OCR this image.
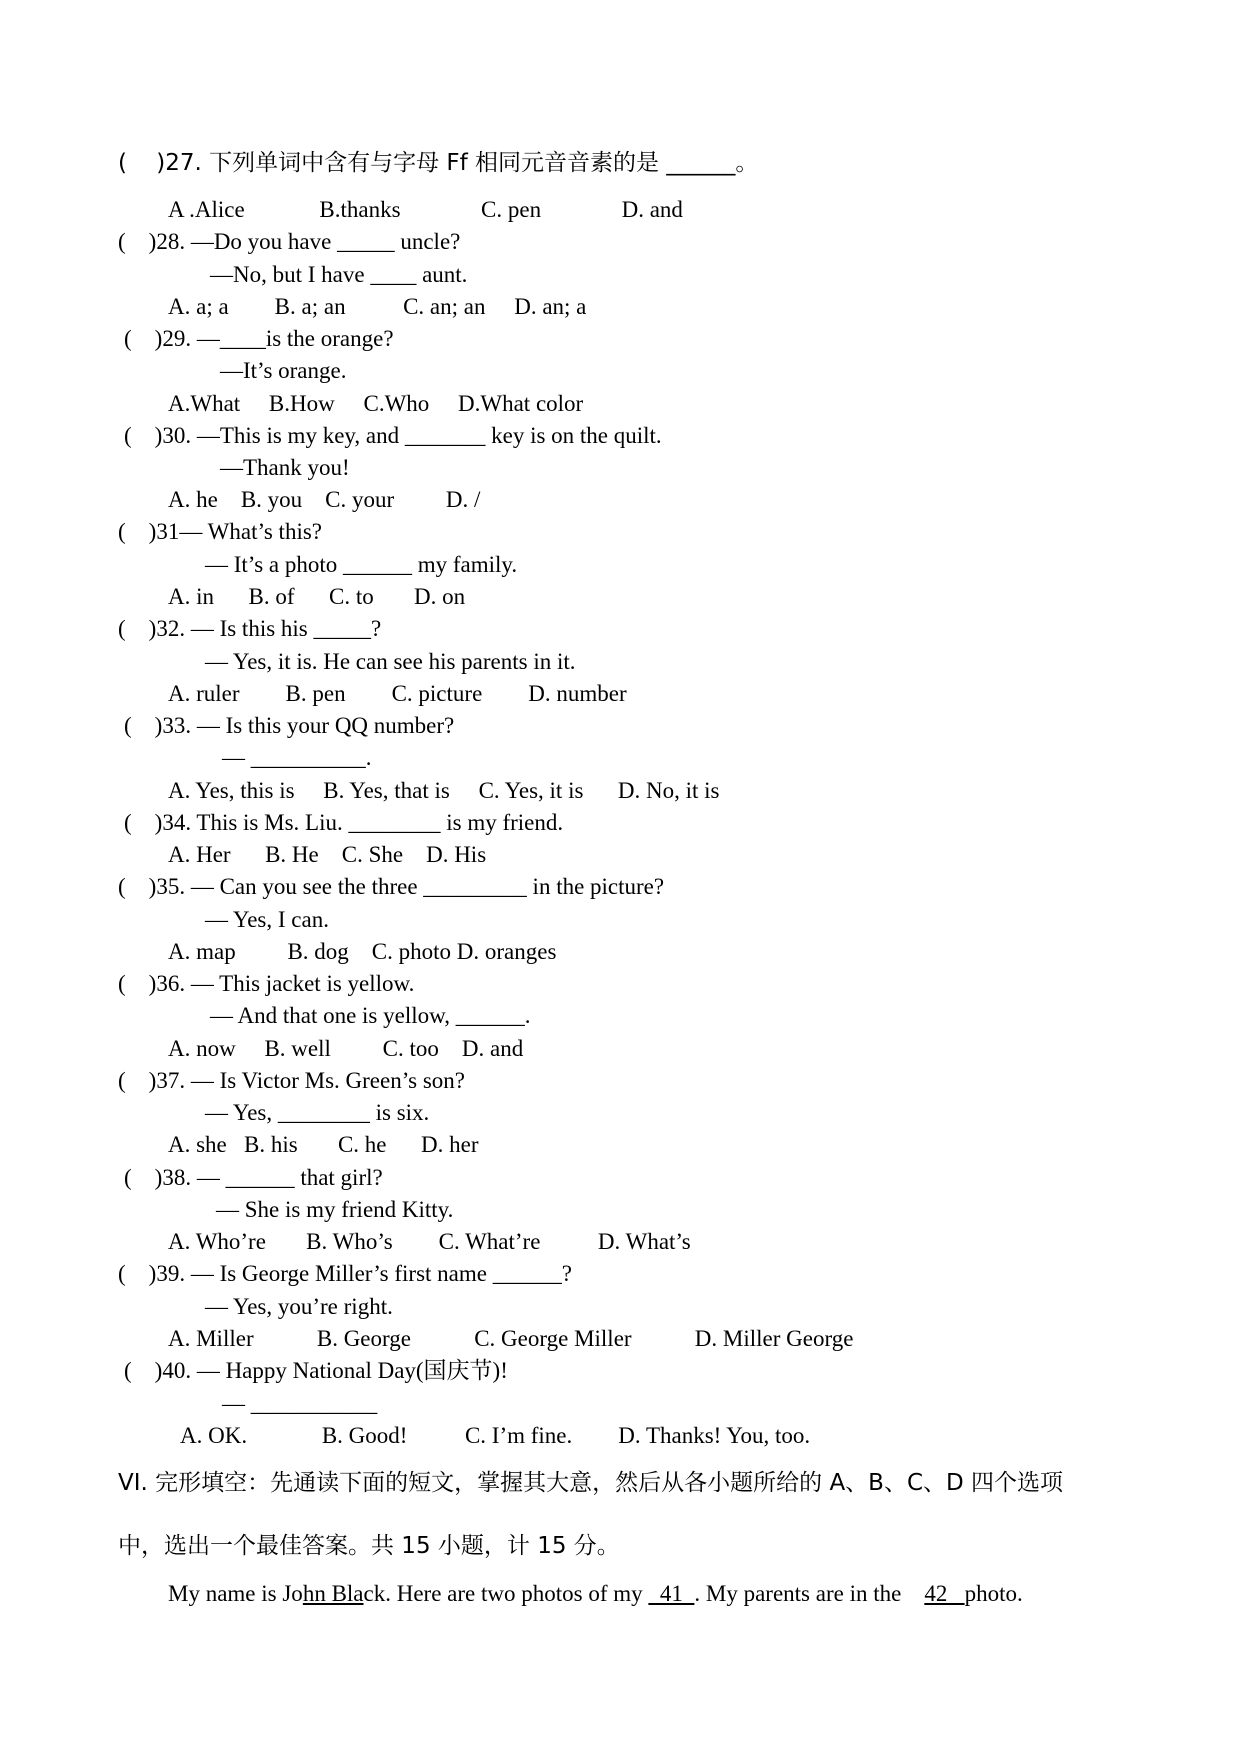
(    )27. 下列单词中含有与字母 Ff 相同元音音素的是 ______。
A .Alice             B.thanks              C. pen              D. and
(    )28. —Do you have _____ uncle?
—No, but I have ____ aunt.
A. a; a        B. a; an          C. an; an     D. an; a
(    )29. —____is the orange?
—It’s orange.
A.What     B.How     C.Who     D.What color
(    )30. —This is my key, and _______ key is on the quilt.
—Thank you!
A. he    B. you    C. your         D. /
(    )31— What’s this?
— It’s a photo ______ my family.
A. in      B. of      C. to       D. on
(    )32. — Is this his _____?
— Yes, it is. He can see his parents in it.
A. ruler        B. pen        C. picture        D. number
(    )33. — Is this your QQ number?
— __________.
A. Yes, this is     B. Yes, that is     C. Yes, it is      D. No, it is
(    )34. This is Ms. Liu. ________ is my friend.
A. Her      B. He    C. She    D. His
(    )35. — Can you see the three _________ in the picture?
— Yes, I can.
A. map         B. dog    C. photo D. oranges
(    )36. — This jacket is yellow.
— And that one is yellow, ______.
A. now     B. well         C. too    D. and
(    )37. — Is Victor Ms. Green’s son?
— Yes, ________ is six.
A. she   B. his       C. he      D. her
(    )38. — ______ that girl?
— She is my friend Kitty.
A. Who’re       B. Who’s        C. What’re          D. What’s
(    )39. — Is George Miller’s first name ______?
— Yes, you’re right.
A. Miller           B. George           C. George Miller           D. Miller George
(    )40. — Happy National Day(国庆节)!
— ___________
A. OK.             B. Good!          C. I’m fine.        D. Thanks! You, too.
VI. 完形填空：先通读下面的短文，掌握其大意，然后从各小题所给的 A、B、C、D 四个选项
中，选出一个最佳答案。共 15 小题，计 15 分。
My name is John Black. Here are two photos of my   41  . My parents are in the    42   photo.
